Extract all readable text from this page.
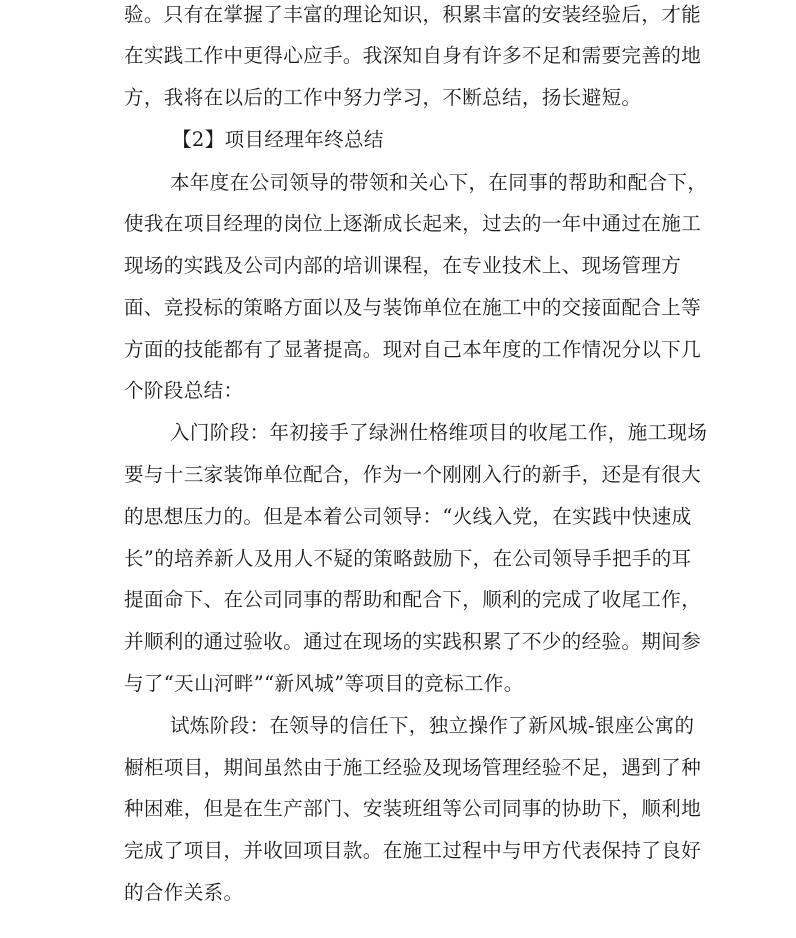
验。只有在掌握了丰富的理论知识，积累丰富的安装经验后，才能
在实践工作中更得心应手。我深知自身有许多不足和需要完善的地
方，我将在以后的工作中努力学习，不断总结，扬长避短。
【2】项目经理年终总结
本年度在公司领导的带领和关心下，在同事的帮助和配合下，
使我在项目经理的岗位上逐渐成长起来，过去的一年中通过在施工
现场的实践及公司内部的培训课程，在专业技术上、现场管理方
面、竞投标的策略方面以及与装饰单位在施工中的交接面配合上等
方面的技能都有了显著提高。现对自己本年度的工作情况分以下几
个阶段总结：
入门阶段：年初接手了绿洲仕格维项目的收尾工作，施工现场
要与十三家装饰单位配合，作为一个刚刚入行的新手，还是有很大
的思想压力的。但是本着公司领导：“火线入党，在实践中快速成
长”的培养新人及用人不疑的策略鼓励下，在公司领导手把手的耳
提面命下、在公司同事的帮助和配合下，顺利的完成了收尾工作，
并顺利的通过验收。通过在现场的实践积累了不少的经验。期间参
与了“天山河畔”“新风城”等项目的竞标工作。
试炼阶段：在领导的信任下，独立操作了新风城-银座公寓的
橱柜项目，期间虽然由于施工经验及现场管理经验不足，遇到了种
种困难，但是在生产部门、安装班组等公司同事的协助下，顺利地
完成了项目，并收回项目款。在施工过程中与甲方代表保持了良好
的合作关系。
